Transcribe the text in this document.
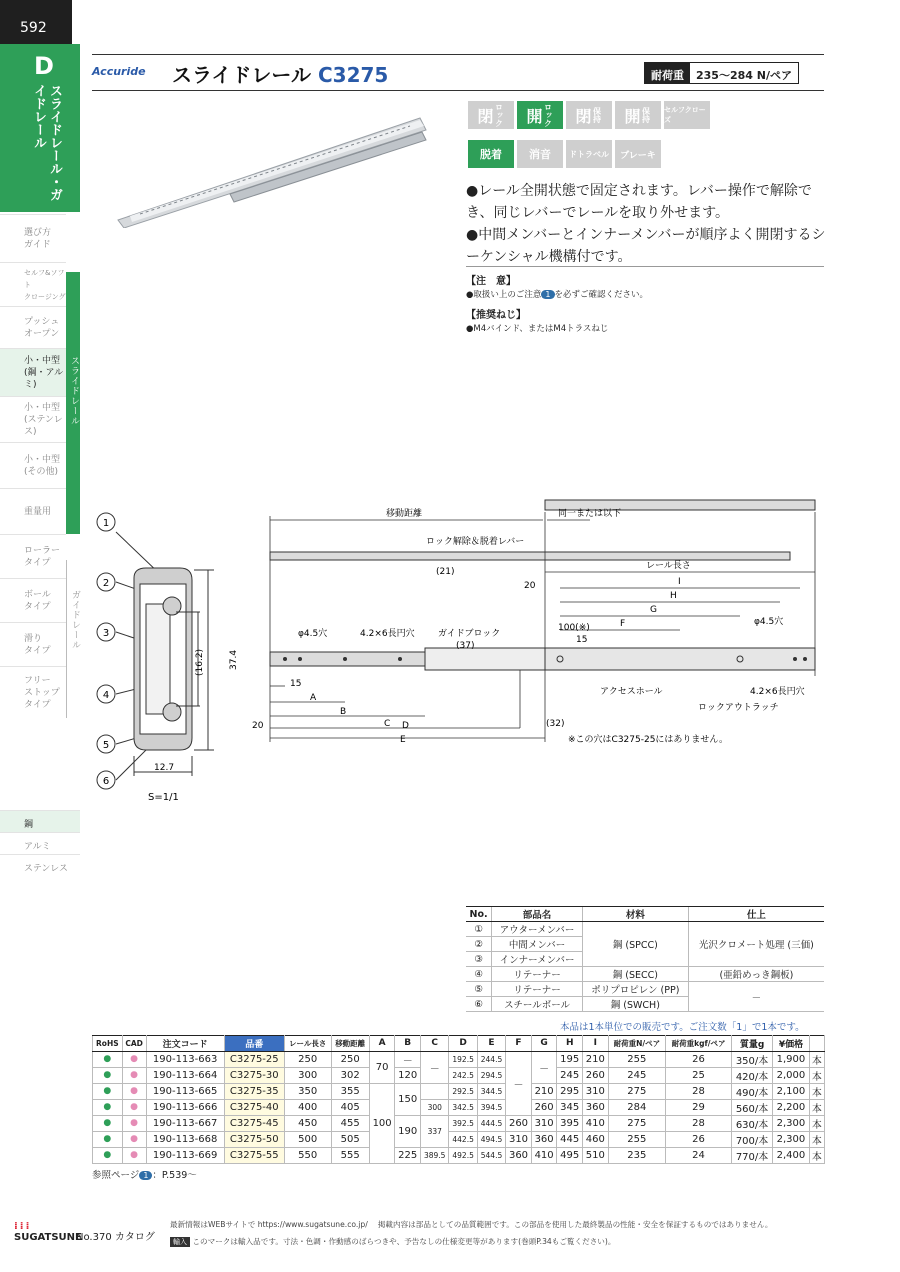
592
D
スライドレール・ガイドレール
選び方
ガイド
セルフ&ソフト
クロージング
プッシュ
オープン
小・中型
(鋼・アルミ)
小・中型
(ステンレス)
小・中型
(その他)
重量用
ローラー
タイプ
ボール
タイプ
滑り
タイプ
フリー
ストップ
タイプ
スライドレール
ガイドレール
鋼
アルミ
ステンレス
Accuride スライドレール C3275	耐荷重	235～284 N/ペア
閉 ロック 開 ロック 閉 保持 開 保持 セルフクローズ
脱着	消音	ドトラベル	ブレーキ
●レール全開状態で固定されます。レバー操作で解除でき、同じレバーでレールを取り外せます。
●中間メンバーとインナーメンバーが順序よく開閉するシーケンシャル機構付です。
【注　意】
●取扱い上のご注意 1 を必ずご確認ください。
【推奨ねじ】
●M4バインド、またはM4トラスねじ
1
2
3
4
5
6
(16.2)	37.4
12.7
S=1/1
移動距離	同一または以下
ロック解除＆脱着レバー
(21)
レール長さ
20	I
H
G
F
100(※)
15
φ4.5穴	4.2×6長円穴	ガイドブロック
(37)
φ4.5穴
15
A
B
C D
E
20	(32)
アクセスホール	4.2×6長円穴
ロックアウトラッチ
※この穴はC3275-25にはありません。
No.	部品名	材料	仕上
①	アウターメンバー	鋼 (SPCC)	光沢クロメート処理 (三価)
②	中間メンバー		
③	インナーメンバー		
④	リテーナー	鋼 (SECC)	(亜鉛めっき鋼板)
⑤	リテーナー	ポリプロピレン (PP)	－
⑥	スチールボール	鋼 (SWCH)	
本品は1本単位での販売です。ご注文数「1」で1本です。
RoHS	CAD	注文コード	品番	レール長さ	移動距離	A	B	C	D	E	F	G	H	I	耐荷重N/ペア	耐荷重kgf/ペア	質量g	¥価格	
●	●	190-113-663	C3275-25	250	250	70	－	－	192.5	244.5	－	－	195	210	255	26	350/本	1,900	本
●	●	190-113-664	C3275-30	300	302		120		242.5	294.5			245	260	245	25	420/本	2,000	本
●	●	190-113-665	C3275-35	350	355	100	150		292.5	344.5		210	295	310	275	28	490/本	2,100	本
●	●	190-113-666	C3275-40	400	405			300	342.5	394.5		260	345	360	284	29	560/本	2,200	本
●	●	190-113-667	C3275-45	450	455		190	337	392.5	444.5	260	310	395	410	275	28	630/本	2,300	本
●	●	190-113-668	C3275-50	500	505				442.5	494.5	310	360	445	460	255	26	700/本	2,300	本
●	●	190-113-669	C3275-55	550	555		225	389.5	492.5	544.5	360	410	495	510	235	24	770/本	2,400	本
参照ページ 1 ：P.539～
⁞⁞⁞
SUGATSUNE
No.370 カタログ
最新情報はWEBサイトで https://www.sugatsune.co.jp/　 掲載内容は部品としての品質範囲です。この部品を使用した最終製品の性能・安全を保証するものではありません。
輸入 このマークは輸入品です。寸法・色調・作動感のばらつきや、予告なしの仕様変更等があります(巻頭P.34もご覧ください)。
